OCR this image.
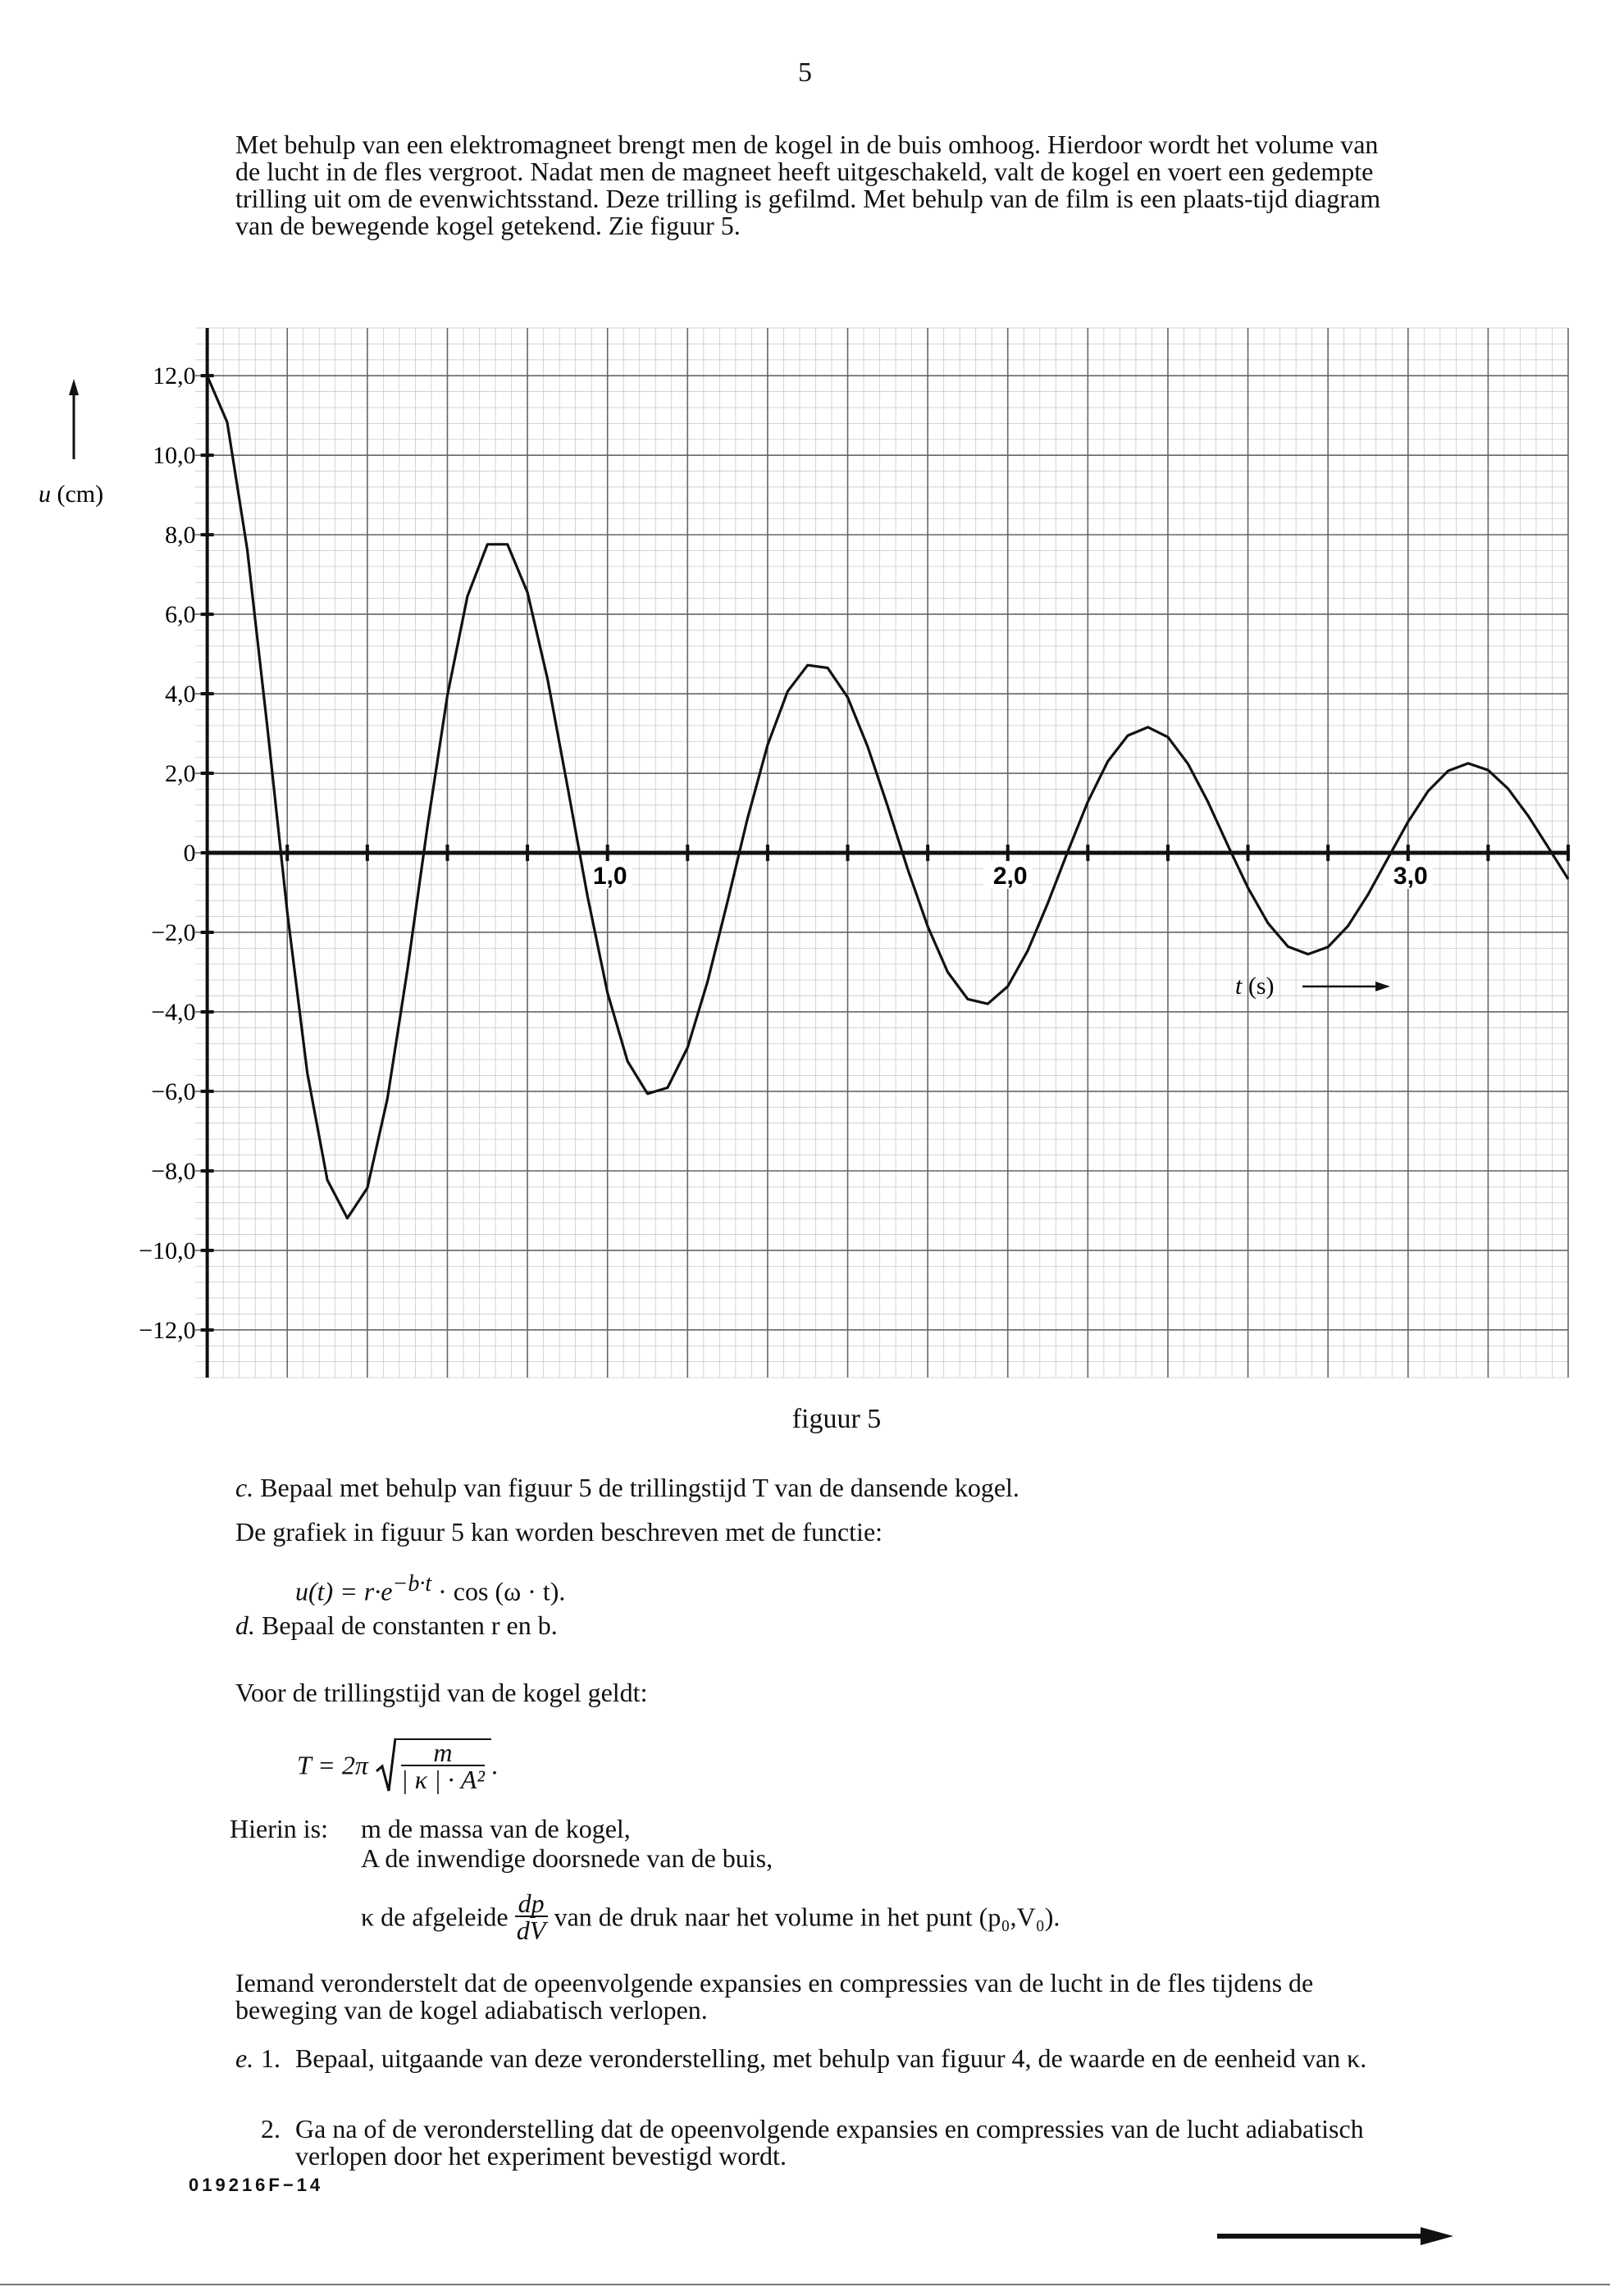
5
Met behulp van een elektromagneet brengt men de kogel in de buis omhoog. Hierdoor wordt het volume van de lucht in de fles vergroot. Nadat men de magneet heeft uitgeschakeld, valt de kogel en voert een gedempte trilling uit om de evenwichtsstand. Deze trilling is gefilmd. Met behulp van de film is een plaats-tijd diagram van de bewegende kogel getekend. Zie figuur 5.
12,0
10,0
8,0
6,0
4,0
2,0
0
−2,0
−4,0
−6,0
−8,0
−10,0
−12,0
1,0	2,0	3,0
u (cm)
t (s)
figuur 5
c. Bepaal met behulp van figuur 5 de trillingstijd T van de dansende kogel.
De grafiek in figuur 5 kan worden beschreven met de functie:
$u(t) = r\cdot e^{-b\cdot t} \cdot \cos (\omega \cdot t)$.
d. Bepaal de constanten r en b.
Voor de trillingstijd van de kogel geldt:
$T = 2\pi \frac{m}{\text{| κ | · A²}}$ .
Hierin is: m de massa van de kogel,
A de inwendige doorsnede van de buis,
κ de afgeleide $\frac{dp}{dV}$ van de druk naar het volume in het punt (p₀,V₀).
Iemand veronderstelt dat de opeenvolgende expansies en compressies van de lucht in de fles tijdens de beweging van de kogel adiabatisch verlopen.
e. 1. Bepaal, uitgaande van deze veronderstelling, met behulp van figuur 4, de waarde en de eenheid van κ.
2. Ga na of de veronderstelling dat de opeenvolgende expansies en compressies van de lucht adiabatisch verlopen door het experiment bevestigd wordt.
019216F−14
